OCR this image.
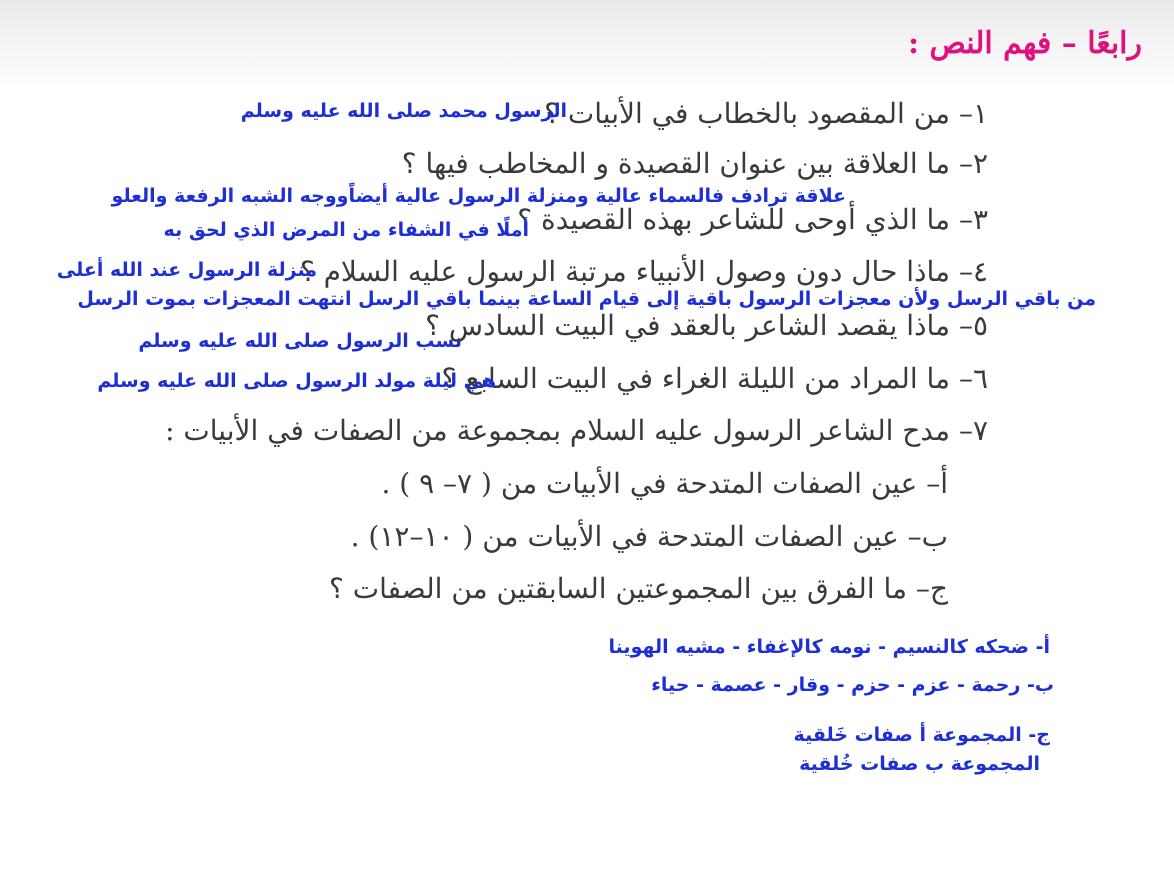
رابعًا – فهم النص :
١– من المقصود بالخطاب في الأبيات ؟
٢– ما العلاقة بين عنوان القصيدة و المخاطب فيها ؟
٣– ما الذي أوحى للشاعر بهذه القصيدة ؟
٤– ماذا حال دون وصول الأنبياء مرتبة الرسول عليه السلام ؟
٥– ماذا يقصد الشاعر بالعقد في البيت السادس ؟
٦– ما المراد من الليلة الغراء في البيت السابع ؟
٧– مدح الشاعر الرسول عليه السلام بمجموعة من الصفات في الأبيات :
أ– عين الصفات المتدحة في الأبيات من ( ٧– ٩ ) .
ب– عين الصفات المتدحة في الأبيات من ( ١٠–١٢) .
ج– ما الفرق بين المجموعتين السابقتين من الصفات ؟
الرسول محمد صلى الله عليه وسلم
علاقة ترادف فالسماء عالية ومنزلة الرسول عالية أيضاًووجه الشبه الرفعة والعلو
أملًا في الشفاء من المرض الذي لحق به
منزلة الرسول عند الله أعلى
من باقي الرسل ولأن معجزات الرسول باقية إلى قيام الساعة بينما باقي الرسل انتهت المعجزات بموت الرسل
نسب الرسول صلى الله عليه وسلم
هي ليلة مولد الرسول صلى الله عليه وسلم
أ- ضحكه كالنسيم - نومه كالإغفاء - مشيه الهوينا
ب- رحمة - عزم - حزم - وقار - عصمة - حياء
ج- المجموعة أ صفات خَلقية
المجموعة ب صفات خُلقية
